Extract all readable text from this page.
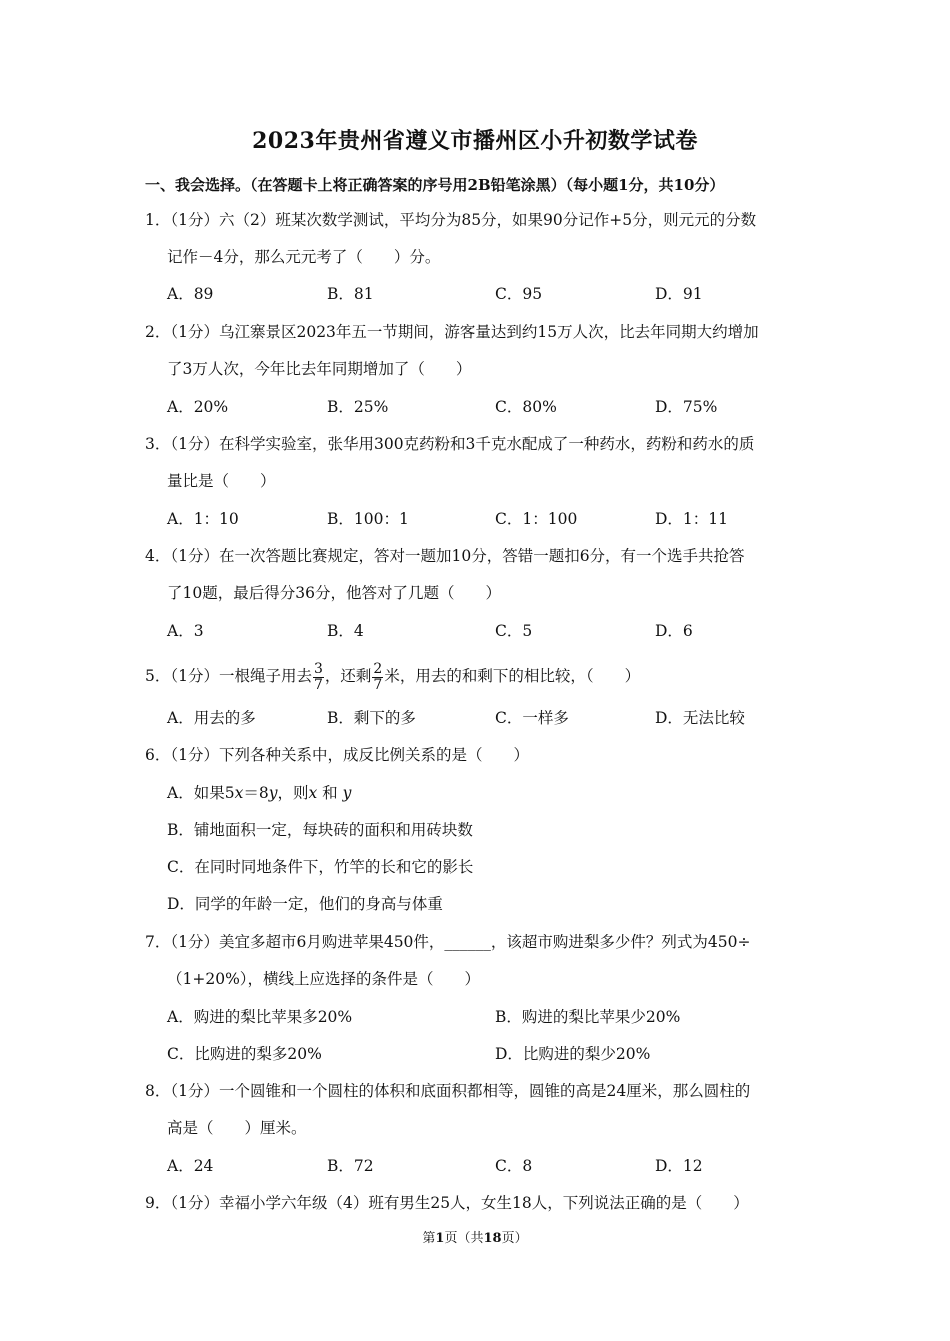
2023年贵州省遵义市播州区小升初数学试卷
一、我会选择。（在答题卡上将正确答案的序号用2B铅笔涂黑）（每小题1分，共10分）
1．（1分）六（2）班某次数学测试，平均分为85分，如果90分记作+5分，则元元的分数
记作－4分，那么元元考了（　　）分。
A．89	B．81	C．95	D．91
2．（1分）乌江寨景区2023年五一节期间，游客量达到约15万人次，比去年同期大约增加
了3万人次，今年比去年同期增加了（　　）
A．20%	B．25%	C．80%	D．75%
3．（1分）在科学实验室，张华用300克药粉和3千克水配成了一种药水，药粉和药水的质
量比是（　　）
A．1：10	B．100：1	C．1：100	D．1：11
4．（1分）在一次答题比赛规定，答对一题加10分，答错一题扣6分，有一个选手共抢答
了10题，最后得分36分，他答对了几题（　　）
A．3	B．4	C．5	D．6
5．（1分）一根绳子用去 $\frac{3}{7}$ ，还剩 $\frac{2}{7}$ 米，用去的和剩下的相比较，（　　）
A．用去的多	B．剩下的多	C．一样多	D．无法比较
6．（1分）下列各种关系中，成反比例关系的是（　　）
A．如果5x＝8y，则x 和 y
B．铺地面积一定，每块砖的面积和用砖块数
C．在同时同地条件下，竹竿的长和它的影长
D．同学的年龄一定，他们的身高与体重
7．（1分）美宜多超市6月购进苹果450件，______，该超市购进梨多少件？列式为450÷
（1+20%），横线上应选择的条件是（　　）
A．购进的梨比苹果多20%	B．购进的梨比苹果少20%
C．比购进的梨多20%	D．比购进的梨少20%
8．（1分）一个圆锥和一个圆柱的体积和底面积都相等，圆锥的高是24厘米，那么圆柱的
高是（　　）厘米。
A．24	B．72	C．8	D．12
9．（1分）幸福小学六年级（4）班有男生25人，女生18人，下列说法正确的是（　　）
第1页（共18页）
